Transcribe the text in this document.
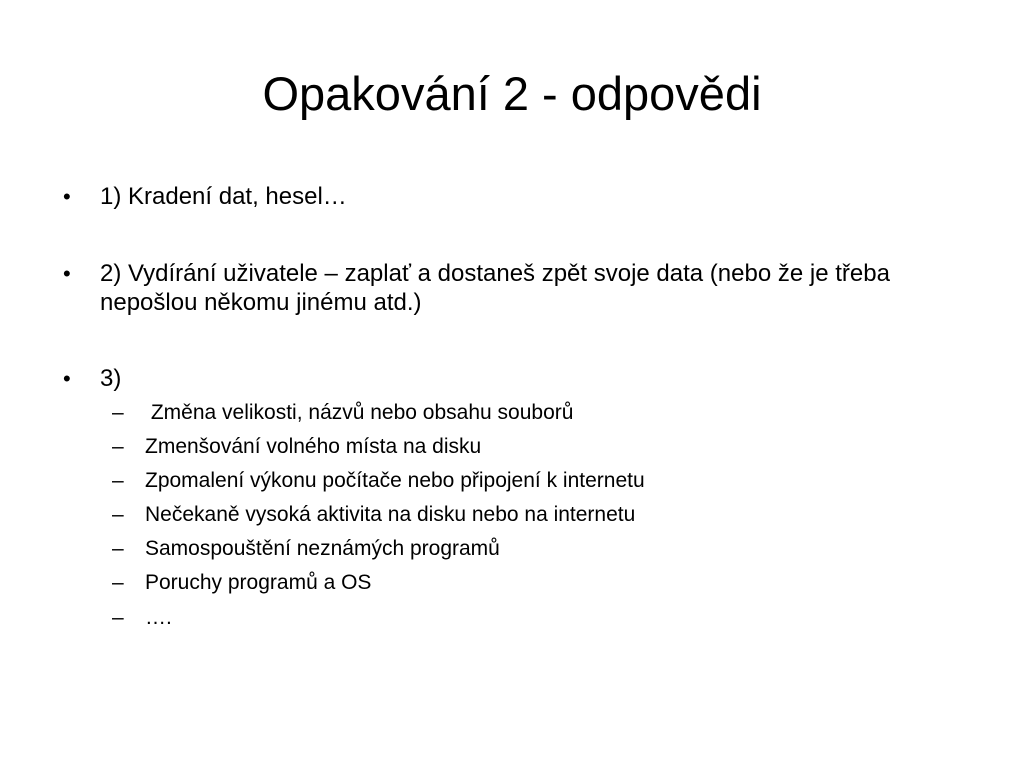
Opakování 2 - odpovědi
•	1) Kradení dat, hesel…
•	2) Vydírání uživatele – zaplať a dostaneš zpět svoje data (nebo že je třeba nepošlou někomu jinému atd.)
•	3)
–	Změna velikosti, názvů nebo obsahu souborů
–	Zmenšování volného místa na disku
–	Zpomalení výkonu počítače nebo připojení k internetu
–	Nečekaně vysoká aktivita na disku nebo na internetu
–	Samospouštění neznámých programů
–	Poruchy programů a OS
–	….
